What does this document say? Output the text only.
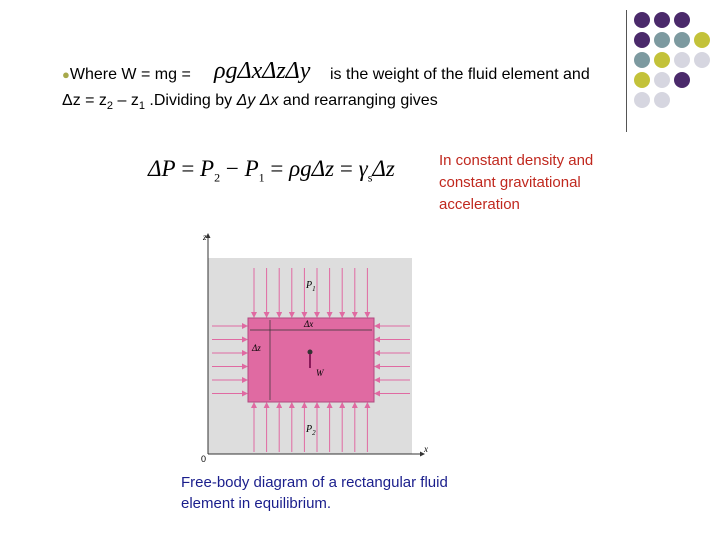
●Where W = mg = ρgΔxΔzΔy is the weight of the fluid element and
$\Delta z = z_2 - z_1$ .Dividing by Δy Δx and rearranging gives
$\Delta P = P_2 - P_1 = \rho g\Delta z = \gamma_s\Delta z$	In constant density and constant gravitational acceleration
z
x
0
$P_1$
$P_2$
Δx
Δz
W
Free-body diagram of a rectangular fluid element in equilibrium.
